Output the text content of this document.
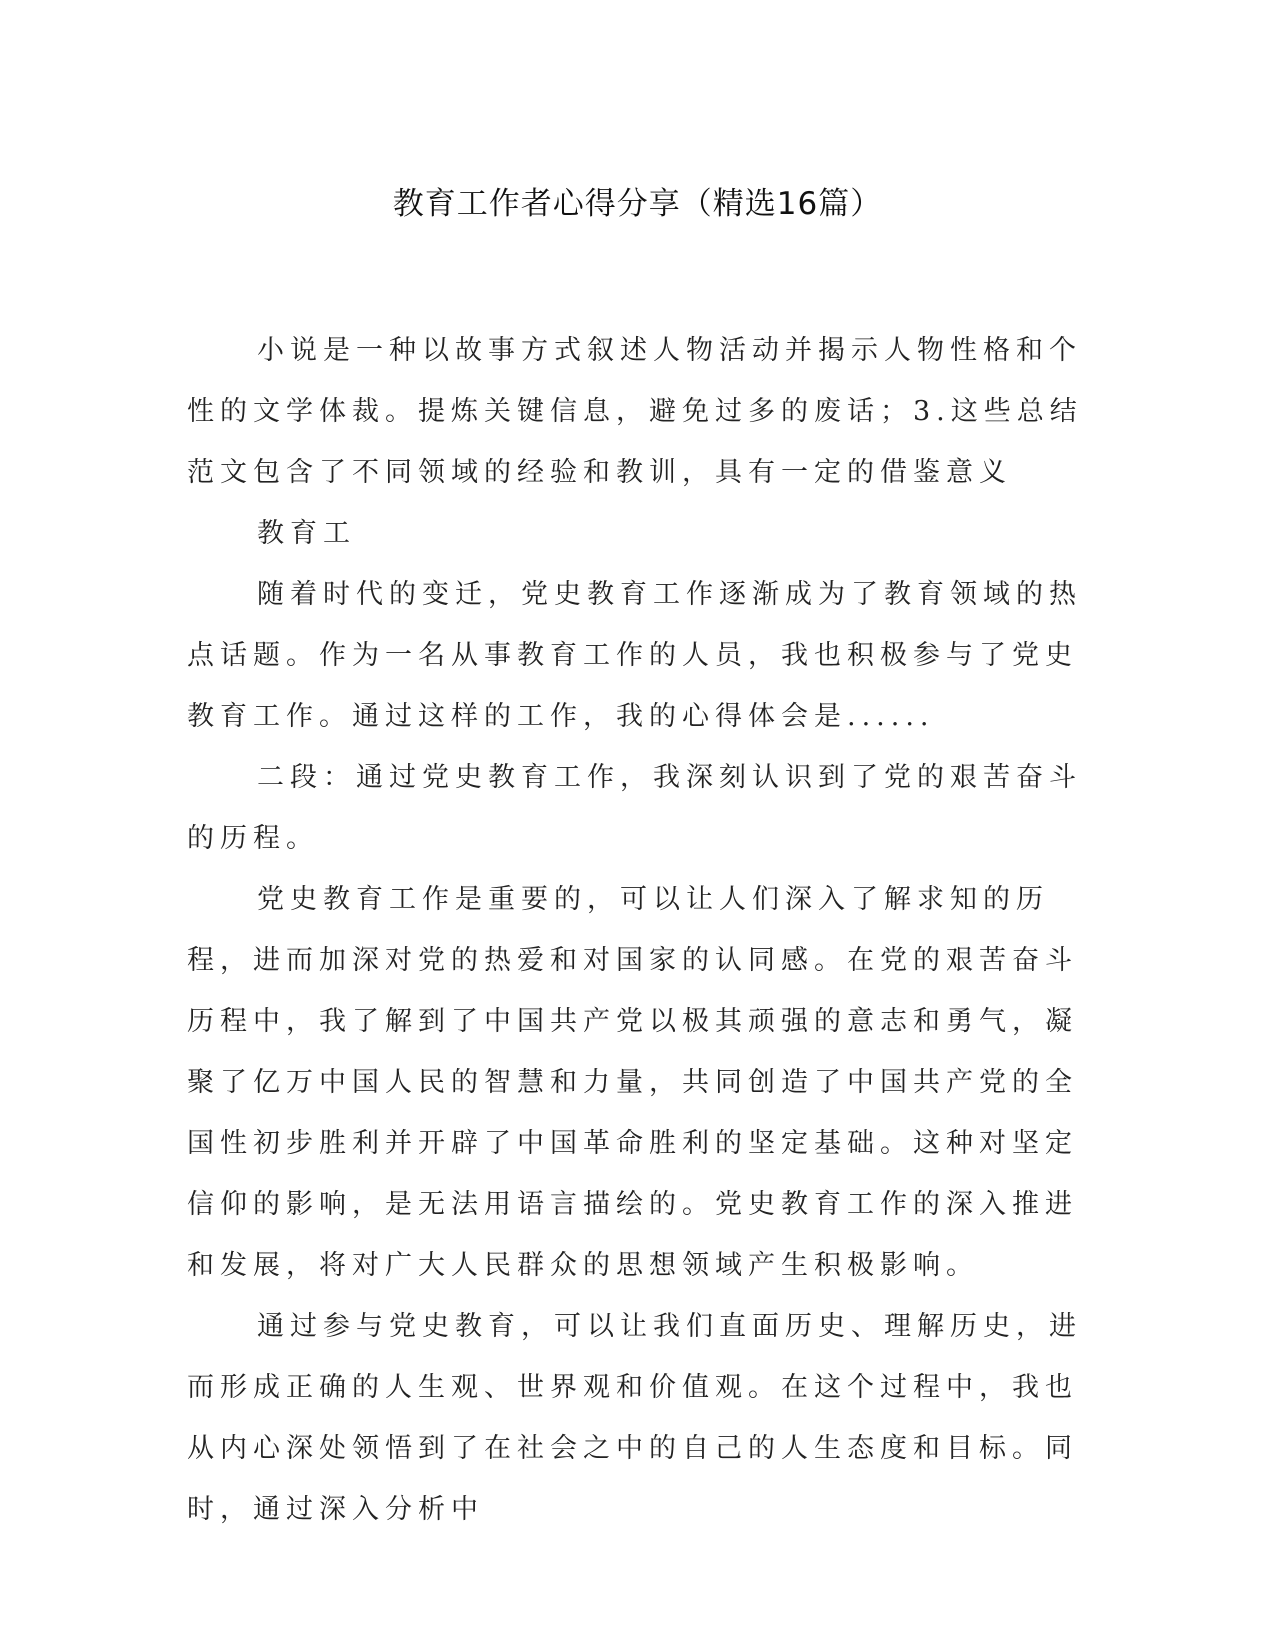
教育工作者心得分享（精选16篇）

小说是一种以故事方式叙述人物活动并揭示人物性格和个性的文学体裁。提炼关键信息，避免过多的废话；3.这些总结范文包含了不同领域的经验和教训，具有一定的借鉴意义

教育工

随着时代的变迁，党史教育工作逐渐成为了教育领域的热点话题。作为一名从事教育工作的人员，我也积极参与了党史教育工作。通过这样的工作，我的心得体会是......

二段：通过党史教育工作，我深刻认识到了党的艰苦奋斗的历程。

党史教育工作是重要的，可以让人们深入了解求知的历程，进而加深对党的热爱和对国家的认同感。在党的艰苦奋斗历程中，我了解到了中国共产党以极其顽强的意志和勇气，凝聚了亿万中国人民的智慧和力量，共同创造了中国共产党的全国性初步胜利并开辟了中国革命胜利的坚定基础。这种对坚定信仰的影响，是无法用语言描绘的。党史教育工作的深入推进和发展，将对广大人民群众的思想领域产生积极影响。

通过参与党史教育，可以让我们直面历史、理解历史，进而形成正确的人生观、世界观和价值观。在这个过程中，我也从内心深处领悟到了在社会之中的自己的人生态度和目标。同时，通过深入分析中
